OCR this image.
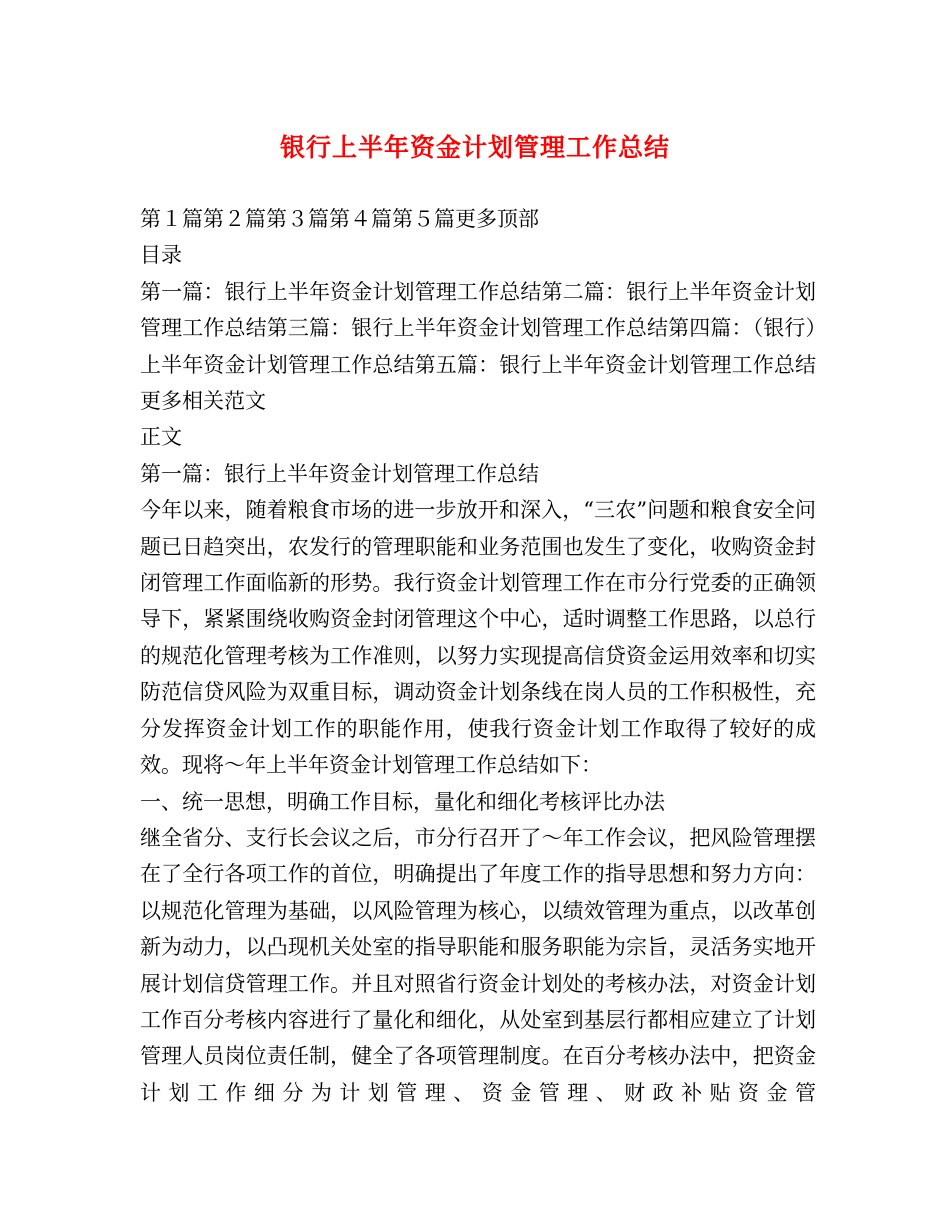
银行上半年资金计划管理工作总结

第１篇第２篇第３篇第４篇第５篇更多顶部

目录

第一篇：银行上半年资金计划管理工作总结第二篇：银行上半年资金计划管理工作总结第三篇：银行上半年资金计划管理工作总结第四篇：（银行）上半年资金计划管理工作总结第五篇：银行上半年资金计划管理工作总结更多相关范文

正文

第一篇：银行上半年资金计划管理工作总结

今年以来，随着粮食市场的进一步放开和深入，“三农”问题和粮食安全问题已日趋突出，农发行的管理职能和业务范围也发生了变化，收购资金封闭管理工作面临新的形势。我行资金计划管理工作在市分行党委的正确领导下，紧紧围绕收购资金封闭管理这个中心，适时调整工作思路，以总行的规范化管理考核为工作准则，以努力实现提高信贷资金运用效率和切实防范信贷风险为双重目标，调动资金计划条线在岗人员的工作积极性，充分发挥资金计划工作的职能作用，使我行资金计划工作取得了较好的成效。现将～年上半年资金计划管理工作总结如下：

一、统一思想，明确工作目标，量化和细化考核评比办法

继全省分、支行长会议之后，市分行召开了～年工作会议，把风险管理摆在了全行各项工作的首位，明确提出了年度工作的指导思想和努力方向：以规范化管理为基础，以风险管理为核心，以绩效管理为重点，以改革创新为动力，以凸现机关处室的指导职能和服务职能为宗旨，灵活务实地开展计划信贷管理工作。并且对照省行资金计划处的考核办法，对资金计划工作百分考核内容进行了量化和细化，从处室到基层行都相应建立了计划管理人员岗位责任制，健全了各项管理制度。在百分考核办法中，把资金计划工作细分为计划管理、资金管理、财政补贴资金管
